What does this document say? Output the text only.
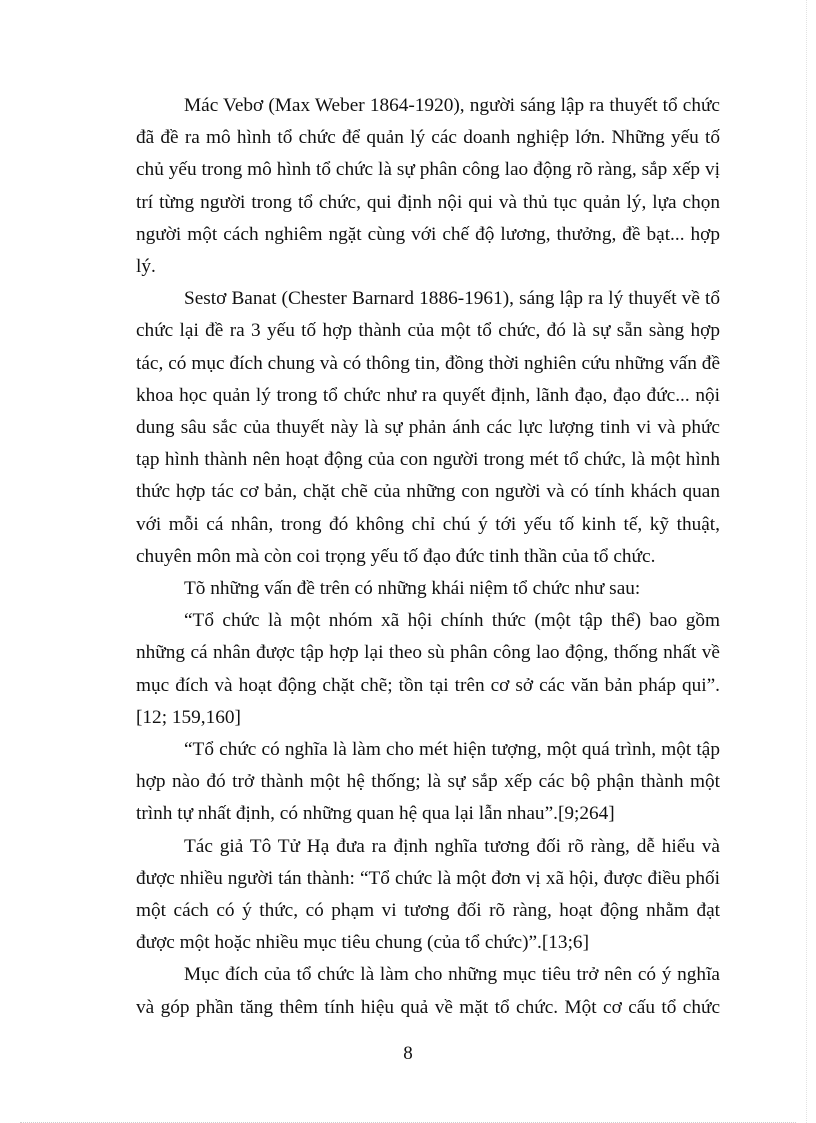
Mác Vebơ (Max Weber 1864-1920), người sáng lập ra thuyết tổ chức đã đề ra mô hình tổ chức để quản lý các doanh nghiệp lớn. Những yếu tố chủ yếu trong mô hình tổ chức là sự phân công lao động rõ ràng, sắp xếp vị trí từng người trong tổ chức, qui định nội qui và thủ tục quản lý, lựa chọn người một cách nghiêm ngặt cùng với chế độ lương, thưởng, đề bạt... hợp lý.

Sestơ Banat (Chester Barnard 1886-1961), sáng lập ra lý thuyết về tổ chức lại đề ra 3 yếu tố hợp thành của một tổ chức, đó là sự sẵn sàng hợp tác, có mục đích chung và có thông tin, đồng thời nghiên cứu những vấn đề khoa học quản lý trong tổ chức như ra quyết định, lãnh đạo, đạo đức... nội dung sâu sắc của thuyết này là sự phản ánh các lực lượng tinh vi và phức tạp hình thành nên hoạt động của con người trong mét tổ chức, là một hình thức hợp tác cơ bản, chặt chẽ của những con người và có tính khách quan với mỗi cá nhân, trong đó không chỉ chú ý tới yếu tố kinh tế, kỹ thuật, chuyên môn mà còn coi trọng yếu tố đạo đức tinh thần của tổ chức.

Tõ những vấn đề trên có những khái niệm tổ chức như sau:

“Tổ chức là một nhóm xã hội chính thức (một tập thể) bao gồm những cá nhân được tập hợp lại theo sù phân công lao động, thống nhất về mục đích và hoạt động chặt chẽ; tồn tại trên cơ sở các văn bản pháp qui”.[12; 159,160]

“Tổ chức có nghĩa là làm cho mét hiện tượng, một quá trình, một tập hợp nào đó trở thành một hệ thống; là sự sắp xếp các bộ phận thành một trình tự nhất định, có những quan hệ qua lại lẫn nhau”.[9;264]

Tác giả Tô Tử Hạ đưa ra định nghĩa tương đối rõ ràng, dễ hiểu và được nhiều người tán thành: “Tổ chức là một đơn vị xã hội, được điều phối một cách có ý thức, có phạm vi tương đối rõ ràng, hoạt động nhằm đạt được một hoặc nhiều mục tiêu chung (của tổ chức)”.[13;6]

Mục đích của tổ chức là làm cho những mục tiêu trở nên có ý nghĩa và góp phần tăng thêm tính hiệu quả về mặt tổ chức. Một cơ cấu tổ chức

8
